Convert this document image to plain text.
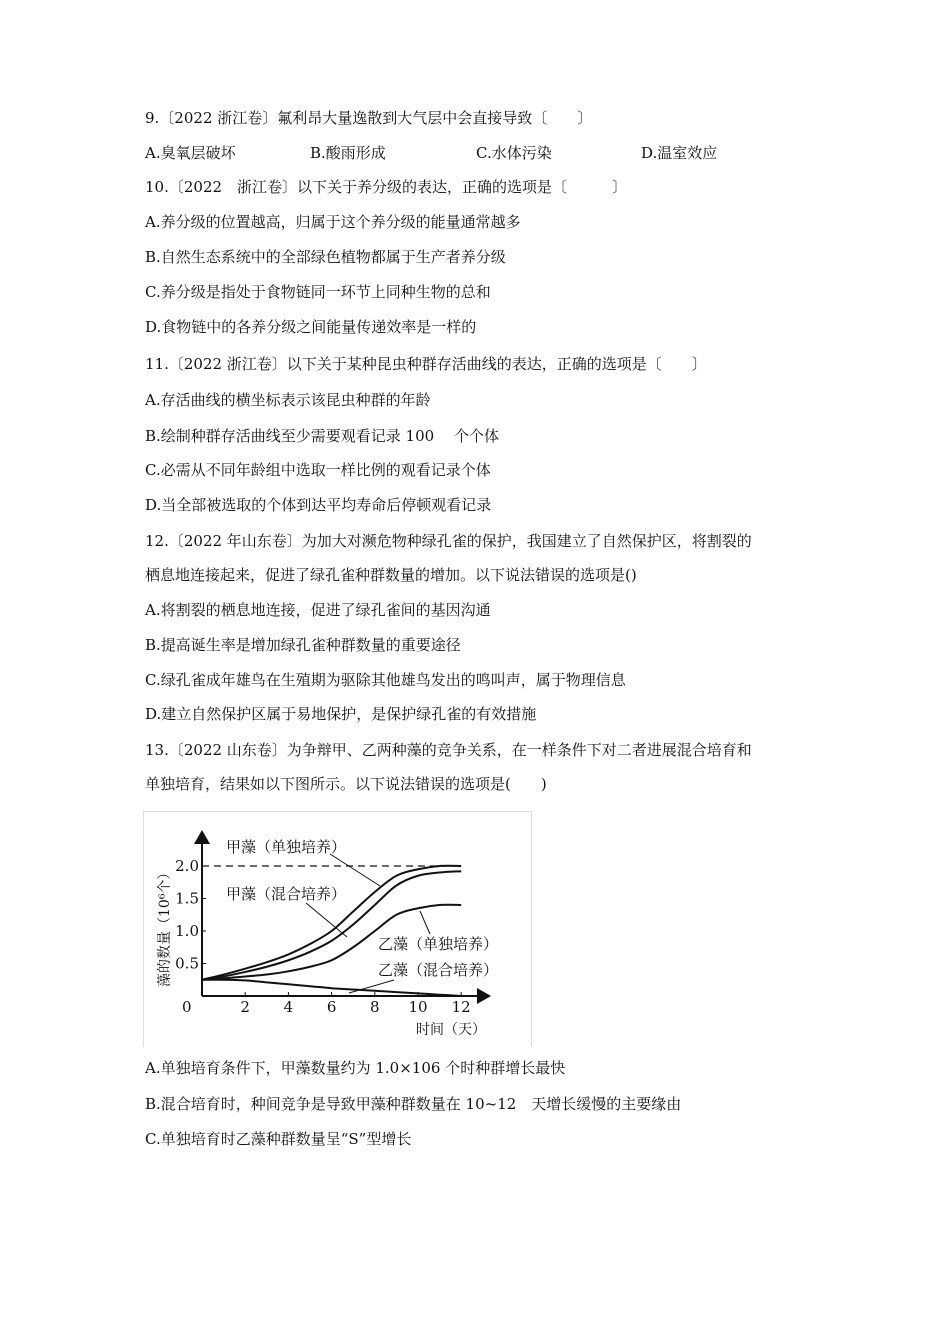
9.〔2022 浙江卷〕氟利昂大量逸散到大气层中会直接导致〔　　〕
A.臭氧层破坏	B.酸雨形成	C.水体污染	D.温室效应
10.〔2022　浙江卷〕以下关于养分级的表达，正确的选项是〔　　　〕
A.养分级的位置越高，归属于这个养分级的能量通常越多
B.自然生态系统中的全部绿色植物都属于生产者养分级
C.养分级是指处于食物链同一环节上同种生物的总和
D.食物链中的各养分级之间能量传递效率是一样的
11.〔2022 浙江卷〕以下关于某种昆虫种群存活曲线的表达，正确的选项是〔　　〕
A.存活曲线的横坐标表示该昆虫种群的年龄
B.绘制种群存活曲线至少需要观看记录 100　 个个体
C.必需从不同年龄组中选取一样比例的观看记录个体
D.当全部被选取的个体到达平均寿命后停顿观看记录
12.〔2022 年山东卷〕为加大对濒危物种绿孔雀的保护，我国建立了自然保护区，将割裂的
栖息地连接起来，促进了绿孔雀种群数量的增加。以下说法错误的选项是()
A.将割裂的栖息地连接，促进了绿孔雀间的基因沟通
B.提高诞生率是增加绿孔雀种群数量的重要途径
C.绿孔雀成年雄鸟在生殖期为驱除其他雄鸟发出的鸣叫声，属于物理信息
D.建立自然保护区属于易地保护，是保护绿孔雀的有效措施
13.〔2022 山东卷〕为争辩甲、乙两种藻的竞争关系，在一样条件下对二者进展混合培育和
单独培育，结果如以下图所示。以下说法错误的选项是(　　)
2 4 6 8 10 12
0.5
1.0
1.5
2.0
0
时间（天）
藻的数量（10⁶个）
甲藻（单独培养）
甲藻（混合培养）
乙藻（单独培养）
乙藻（混合培养）
A.单独培育条件下，甲藻数量约为 1.0×106 个时种群增长最快
B.混合培育时，种间竞争是导致甲藻种群数量在 10~12　天增长缓慢的主要缘由
C.单独培育时乙藻种群数量呈“S”型增长
